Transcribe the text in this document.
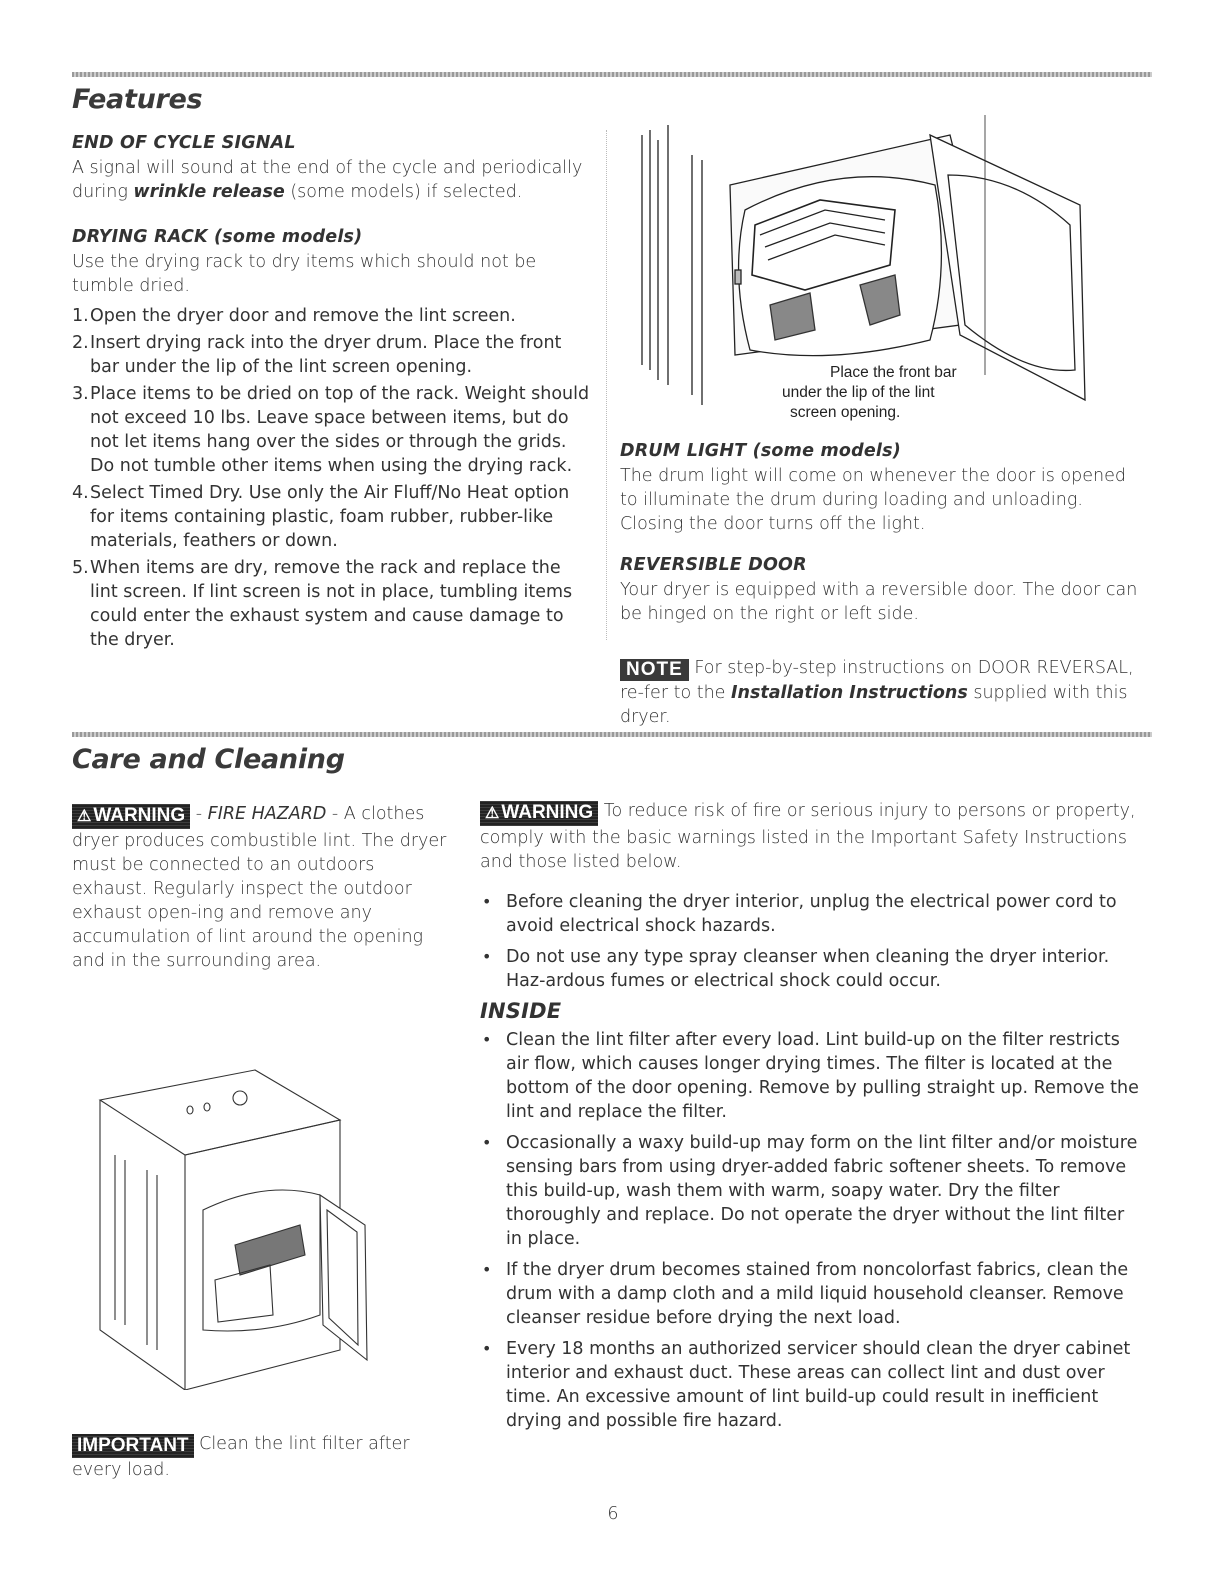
Features
END OF CYCLE SIGNAL

A signal will sound at the end of the cycle and periodically during wrinkle release (some models) if selected.

DRYING RACK (some models)

Use the drying rack to dry items which should not be tumble dried.

1. Open the dryer door and remove the lint screen.
2. Insert drying rack into the dryer drum. Place the front bar under the lip of the lint screen opening.
3. Place items to be dried on top of the rack. Weight should not exceed 10 lbs. Leave space between items, but do not let items hang over the sides or through the grids. Do not tumble other items when using the drying rack.
4. Select Timed Dry. Use only the Air Fluff/No Heat option for items containing plastic, foam rubber, rubber-like materials, feathers or down.
5. When items are dry, remove the rack and replace the lint screen. If lint screen is not in place, tumbling items could enter the exhaust system and cause damage to the dryer.
Place the front bar
under the lip of the lint
screen opening.
DRUM LIGHT (some models)

The drum light will come on whenever the door is opened to illuminate the drum during loading and unloading. Closing the door turns off the light.

REVERSIBLE DOOR

Your dryer is equipped with a reversible door. The door can be hinged on the right or left side.

NOTE For step-by-step instructions on DOOR REVERSAL, re-fer to the Installation Instructions supplied with this dryer.

Care and Cleaning

⚠ WARNING - FIRE HAZARD - A clothes dryer produces combustible lint. The dryer must be connected to an outdoors exhaust. Regularly inspect the outdoor exhaust open-ing and remove any accumulation of lint around the opening and in the surrounding area.

IMPORTANT Clean the lint filter after every load.

⚠ WARNING To reduce risk of fire or serious injury to persons or property, comply with the basic warnings listed in the Important Safety Instructions and those listed below.

• Before cleaning the dryer interior, unplug the electrical power cord to avoid electrical shock hazards.
• Do not use any type spray cleanser when cleaning the dryer interior. Haz-ardous fumes or electrical shock could occur.
INSIDE
• Clean the lint filter after every load. Lint build-up on the filter restricts air flow, which causes longer drying times. The filter is located at the bottom of the door opening. Remove by pulling straight up. Remove the lint and replace the filter.
• Occasionally a waxy build-up may form on the lint filter and/or moisture sensing bars from using dryer-added fabric softener sheets. To remove this build-up, wash them with warm, soapy water. Dry the filter thoroughly and replace. Do not operate the dryer without the lint filter in place.
• If the dryer drum becomes stained from noncolorfast fabrics, clean the drum with a damp cloth and a mild liquid household cleanser. Remove cleanser residue before drying the next load.
• Every 18 months an authorized servicer should clean the dryer cabinet interior and exhaust duct. These areas can collect lint and dust over time. An excessive amount of lint build-up could result in inefficient drying and possible fire hazard.
6
